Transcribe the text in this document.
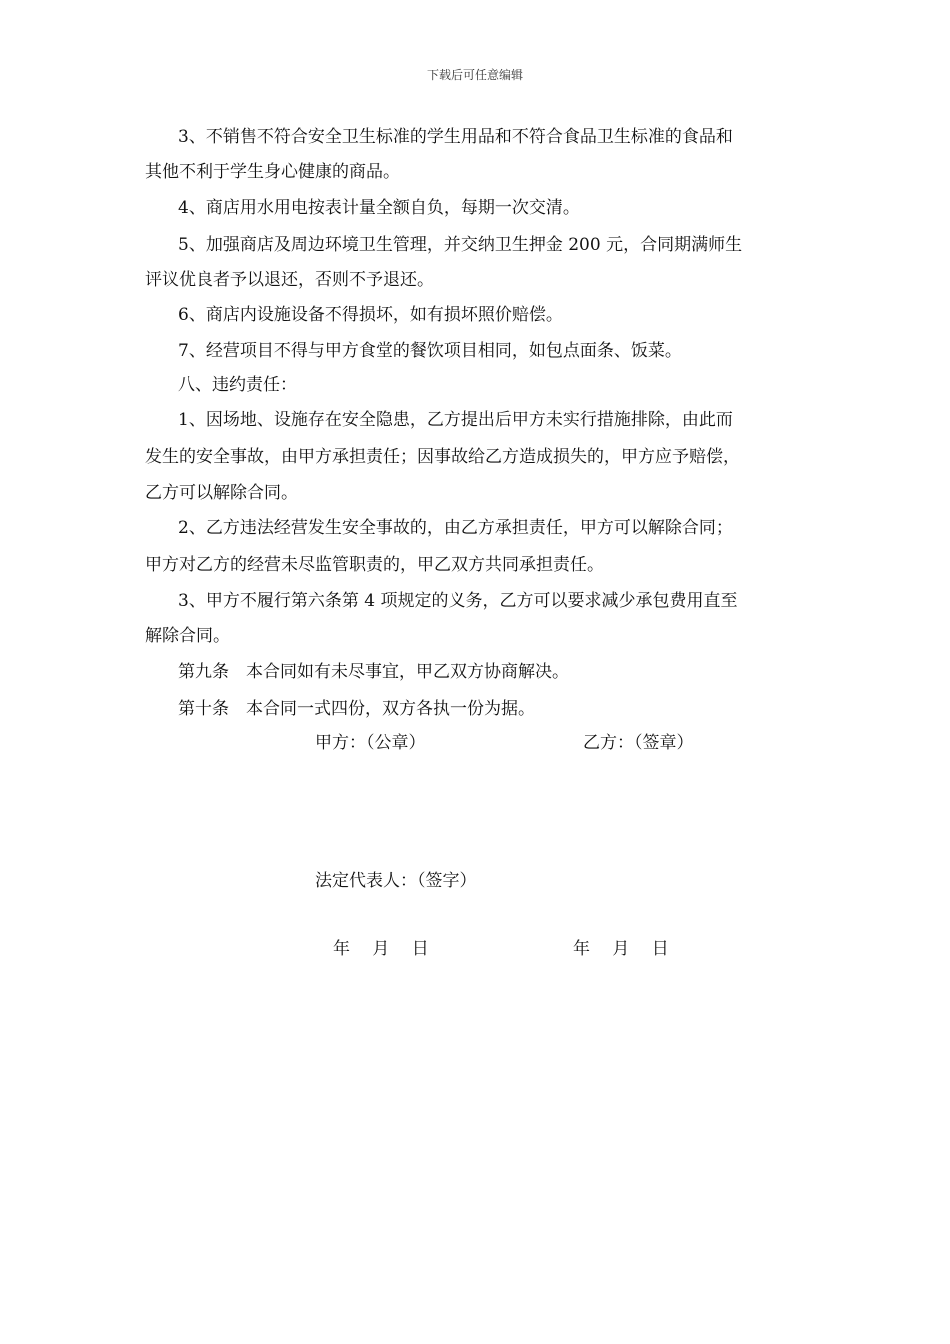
下载后可任意编辑
3、不销售不符合安全卫生标准的学生用品和不符合食品卫生标准的食品和
其他不利于学生身心健康的商品。
4、商店用水用电按表计量全额自负，每期一次交清。
5、加强商店及周边环境卫生管理，并交纳卫生押金 200 元，合同期满师生
评议优良者予以退还，否则不予退还。
6、商店内设施设备不得损坏，如有损坏照价赔偿。
7、经营项目不得与甲方食堂的餐饮项目相同，如包点面条、饭菜。
八、违约责任：
1、因场地、设施存在安全隐患，乙方提出后甲方未实行措施排除，由此而
发生的安全事故，由甲方承担责任；因事故给乙方造成损失的，甲方应予赔偿，
乙方可以解除合同。
2、乙方违法经营发生安全事故的，由乙方承担责任，甲方可以解除合同；
甲方对乙方的经营未尽监管职责的，甲乙双方共同承担责任。
3、甲方不履行第六条第 4 项规定的义务，乙方可以要求减少承包费用直至
解除合同。
第九条　本合同如有未尽事宜，甲乙双方协商解决。
第十条　本合同一式四份，双方各执一份为据。
甲方：（公章）	乙方：（签章）
法定代表人：（签字）
年　 月　 日	年　 月　 日
